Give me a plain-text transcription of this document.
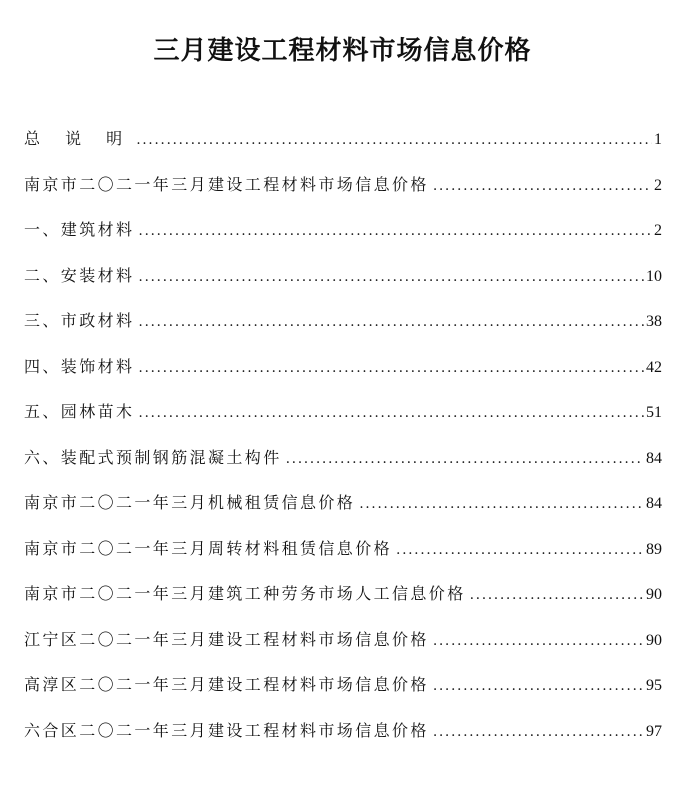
三月建设工程材料市场信息价格
总 说 明 .....	1
南京市二〇二一年三月建设工程材料市场信息价格 .....	2
一、建筑材料 .....	2
二、安装材料 .....	10
三、市政材料 .....	38
四、装饰材料 .....	42
五、园林苗木 .....	51
六、装配式预制钢筋混凝土构件 .....	84
南京市二〇二一年三月机械租赁信息价格 .....	84
南京市二〇二一年三月周转材料租赁信息价格 .....	89
南京市二〇二一年三月建筑工种劳务市场人工信息价格 .....	90
江宁区二〇二一年三月建设工程材料市场信息价格 .....	90
高淳区二〇二一年三月建设工程材料市场信息价格 .....	95
六合区二〇二一年三月建设工程材料市场信息价格 .....	97
